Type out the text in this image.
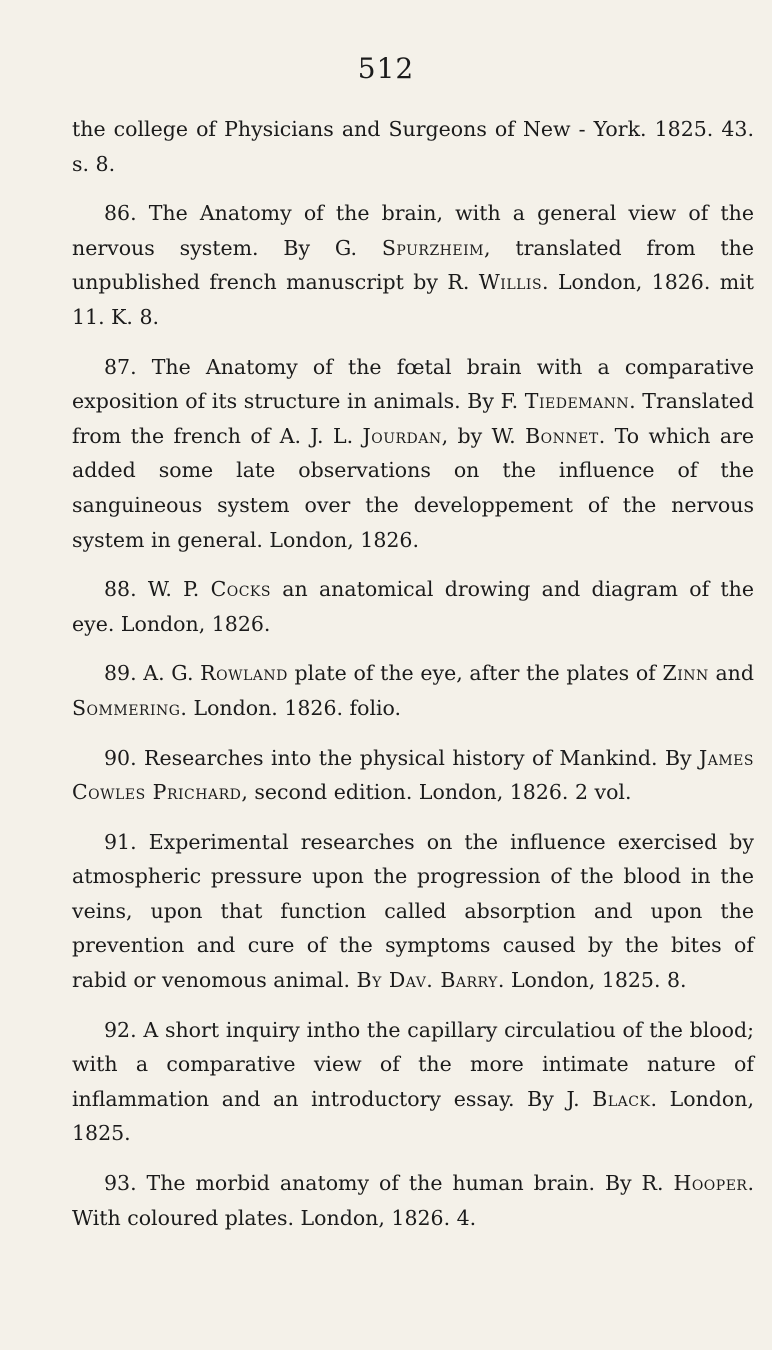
512

the college of Physicians and Surgeons of New - York. 1825. 43. s. 8.

86. The Anatomy of the brain, with a general view of the nervous system. By G. Spurzheim, translated from the unpublished french manuscript by R. Willis. London, 1826. mit 11. K. 8.

87. The Anatomy of the fœtal brain with a comparative exposition of its structure in animals. By F. Tiedemann. Translated from the french of A. J. L. Jourdan, by W. Bonnet. To which are added some late observations on the influence of the sanguineous system over the developpement of the nervous system in general. London, 1826.

88. W. P. Cocks an anatomical drowing and diagram of the eye. London, 1826.

89. A. G. Rowland plate of the eye, after the plates of Zinn and Sommering. London. 1826. folio.

90. Researches into the physical history of Mankind. By James Cowles Prichard, second edition. London, 1826. 2 vol.

91. Experimental researches on the influence exercised by atmospheric pressure upon the progression of the blood in the veins, upon that function called absorption and upon the prevention and cure of the symptoms caused by the bites of rabid or venomous animal. By Dav. Barry. London, 1825. 8.

92. A short inquiry intho the capillary circulatiou of the blood; with a comparative view of the more intimate nature of inflammation and an introductory essay. By J. Black. London, 1825.

93. The morbid anatomy of the human brain. By R. Hooper. With coloured plates. London, 1826. 4.
